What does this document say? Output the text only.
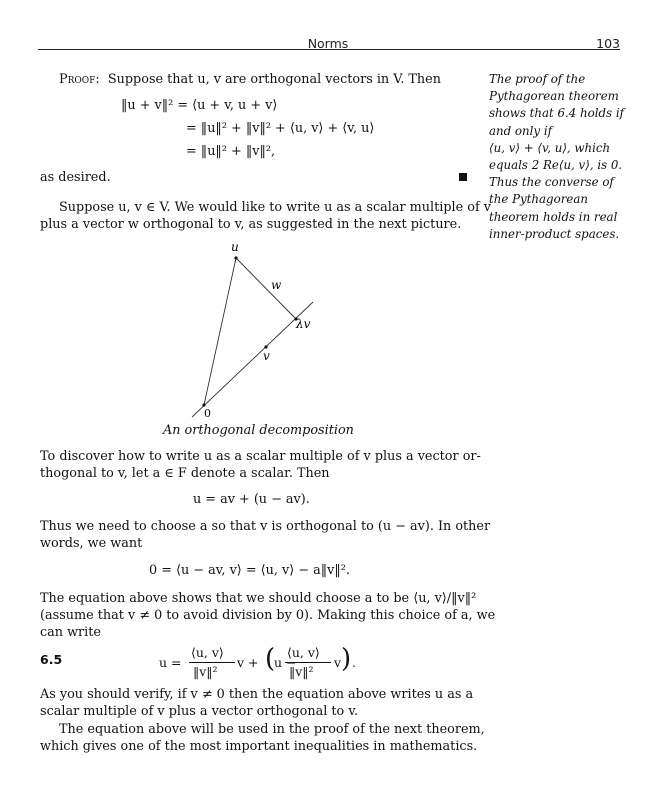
Norms	103
Proof: Suppose that u, v are orthogonal vectors in V. Then
‖u + v‖² = ⟨u + v, u + v⟩
= ‖u‖² + ‖v‖² + ⟨u, v⟩ + ⟨v, u⟩
= ‖u‖² + ‖v‖²,
as desired.
The proof of the
Pythagorean theorem
shows that 6.4 holds if
and only if
⟨u, v⟩ + ⟨v, u⟩, which
equals 2 Re⟨u, v⟩, is 0.
Thus the converse of
the Pythagorean
theorem holds in real
inner-product spaces.
Suppose u, v ∈ V. We would like to write u as a scalar multiple of v
plus a vector w orthogonal to v, as suggested in the next picture.
u
w
λv
v
0
An orthogonal decomposition
To discover how to write u as a scalar multiple of v plus a vector or-
thogonal to v, let a ∈ F denote a scalar. Then
u = av + (u − av).
Thus we need to choose a so that v is orthogonal to (u − av). In other
words, we want
0 = ⟨u − av, v⟩ = ⟨u, v⟩ − a‖v‖².
The equation above shows that we should choose a to be ⟨u, v⟩/‖v‖²
(assume that v ≠ 0 to avoid division by 0). Making this choice of a, we
can write
6.5	u =
⟨u, v⟩
‖v‖²
v + (
u −
⟨u, v⟩
‖v‖²
v ) .
As you should verify, if v ≠ 0 then the equation above writes u as a
scalar multiple of v plus a vector orthogonal to v.
The equation above will be used in the proof of the next theorem,
which gives one of the most important inequalities in mathematics.
